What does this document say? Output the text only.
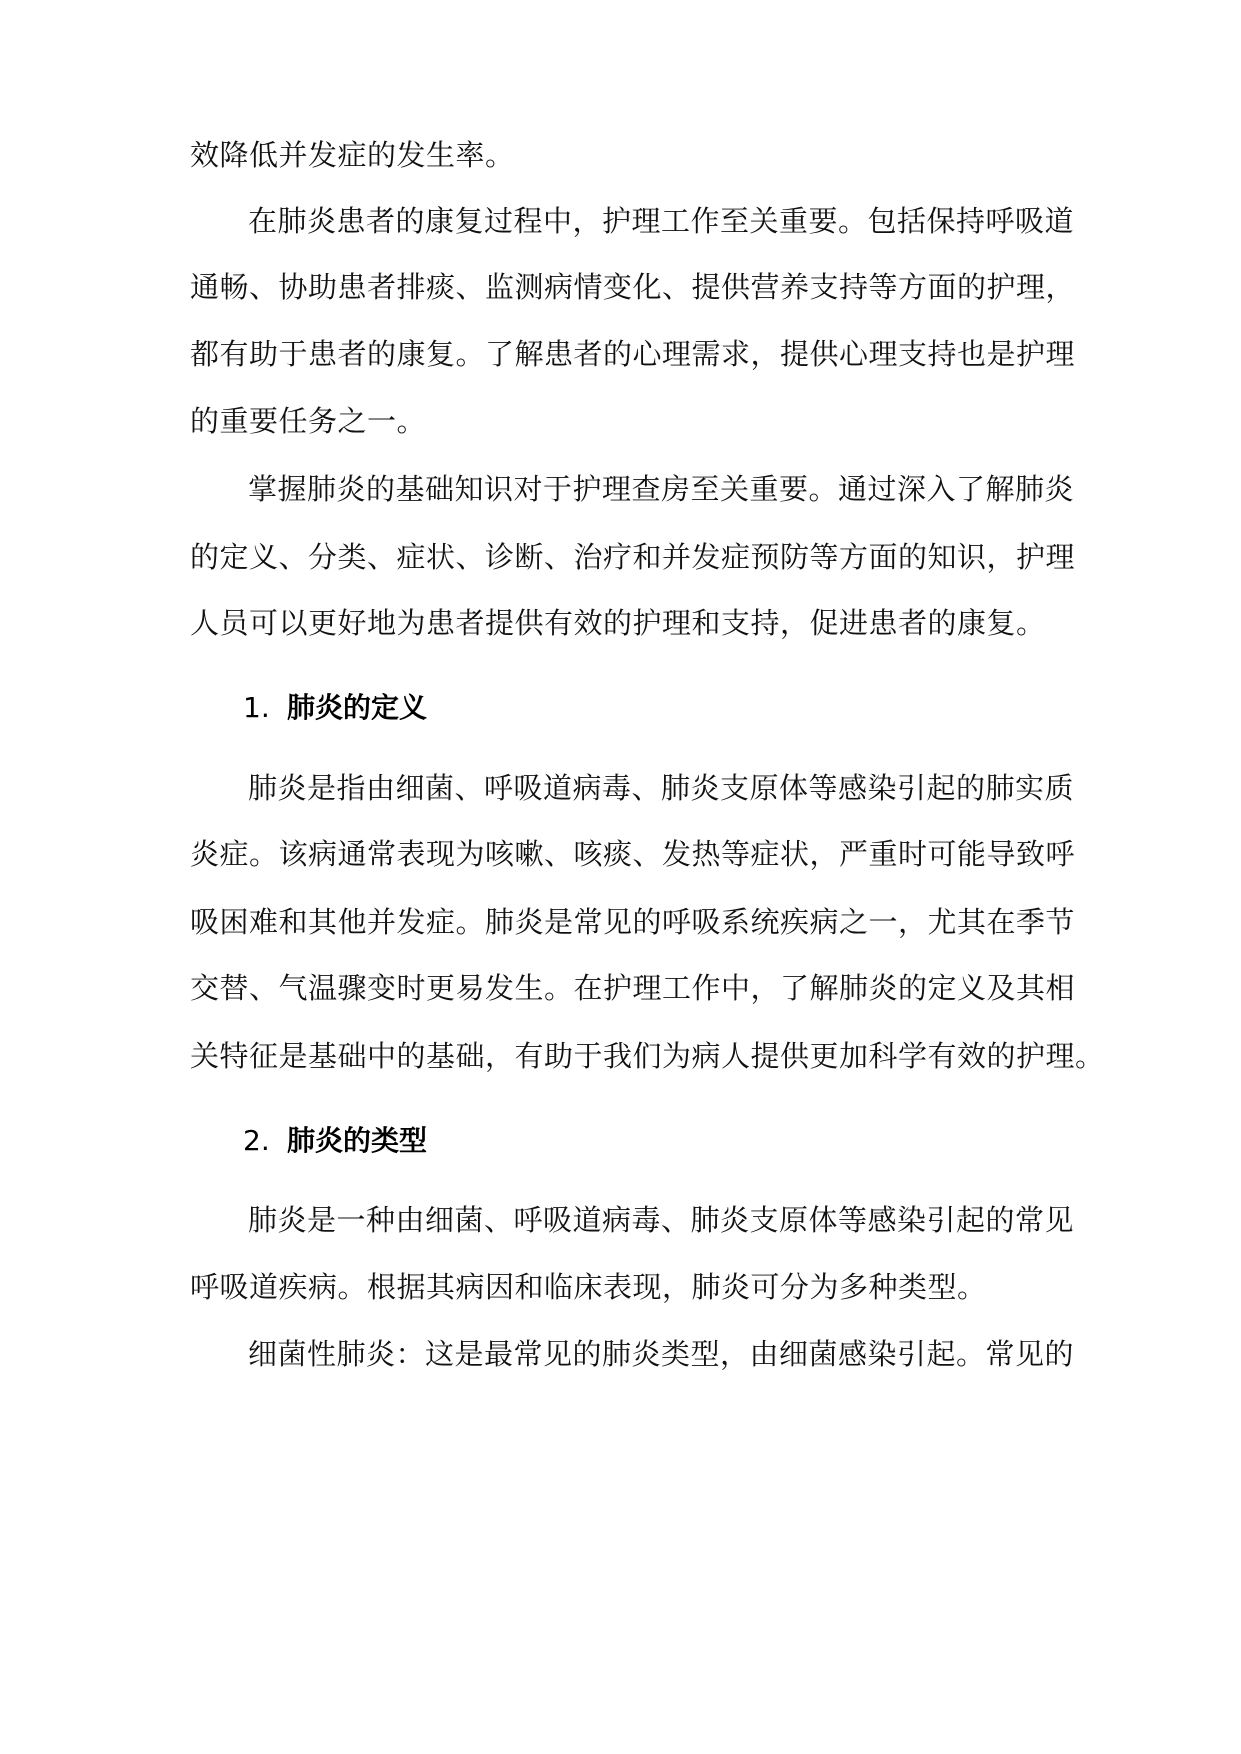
效降低并发症的发生率。
在肺炎患者的康复过程中，护理工作至关重要。包括保持呼吸道
通畅、协助患者排痰、监测病情变化、提供营养支持等方面的护理，
都有助于患者的康复。了解患者的心理需求，提供心理支持也是护理
的重要任务之一。
掌握肺炎的基础知识对于护理查房至关重要。通过深入了解肺炎
的定义、分类、症状、诊断、治疗和并发症预防等方面的知识，护理
人员可以更好地为患者提供有效的护理和支持，促进患者的康复。
1. 肺炎的定义
肺炎是指由细菌、呼吸道病毒、肺炎支原体等感染引起的肺实质
炎症。该病通常表现为咳嗽、咳痰、发热等症状，严重时可能导致呼
吸困难和其他并发症。肺炎是常见的呼吸系统疾病之一，尤其在季节
交替、气温骤变时更易发生。在护理工作中，了解肺炎的定义及其相
关特征是基础中的基础，有助于我们为病人提供更加科学有效的护理。
2. 肺炎的类型
肺炎是一种由细菌、呼吸道病毒、肺炎支原体等感染引起的常见
呼吸道疾病。根据其病因和临床表现，肺炎可分为多种类型。
细菌性肺炎：这是最常见的肺炎类型，由细菌感染引起。常见的
